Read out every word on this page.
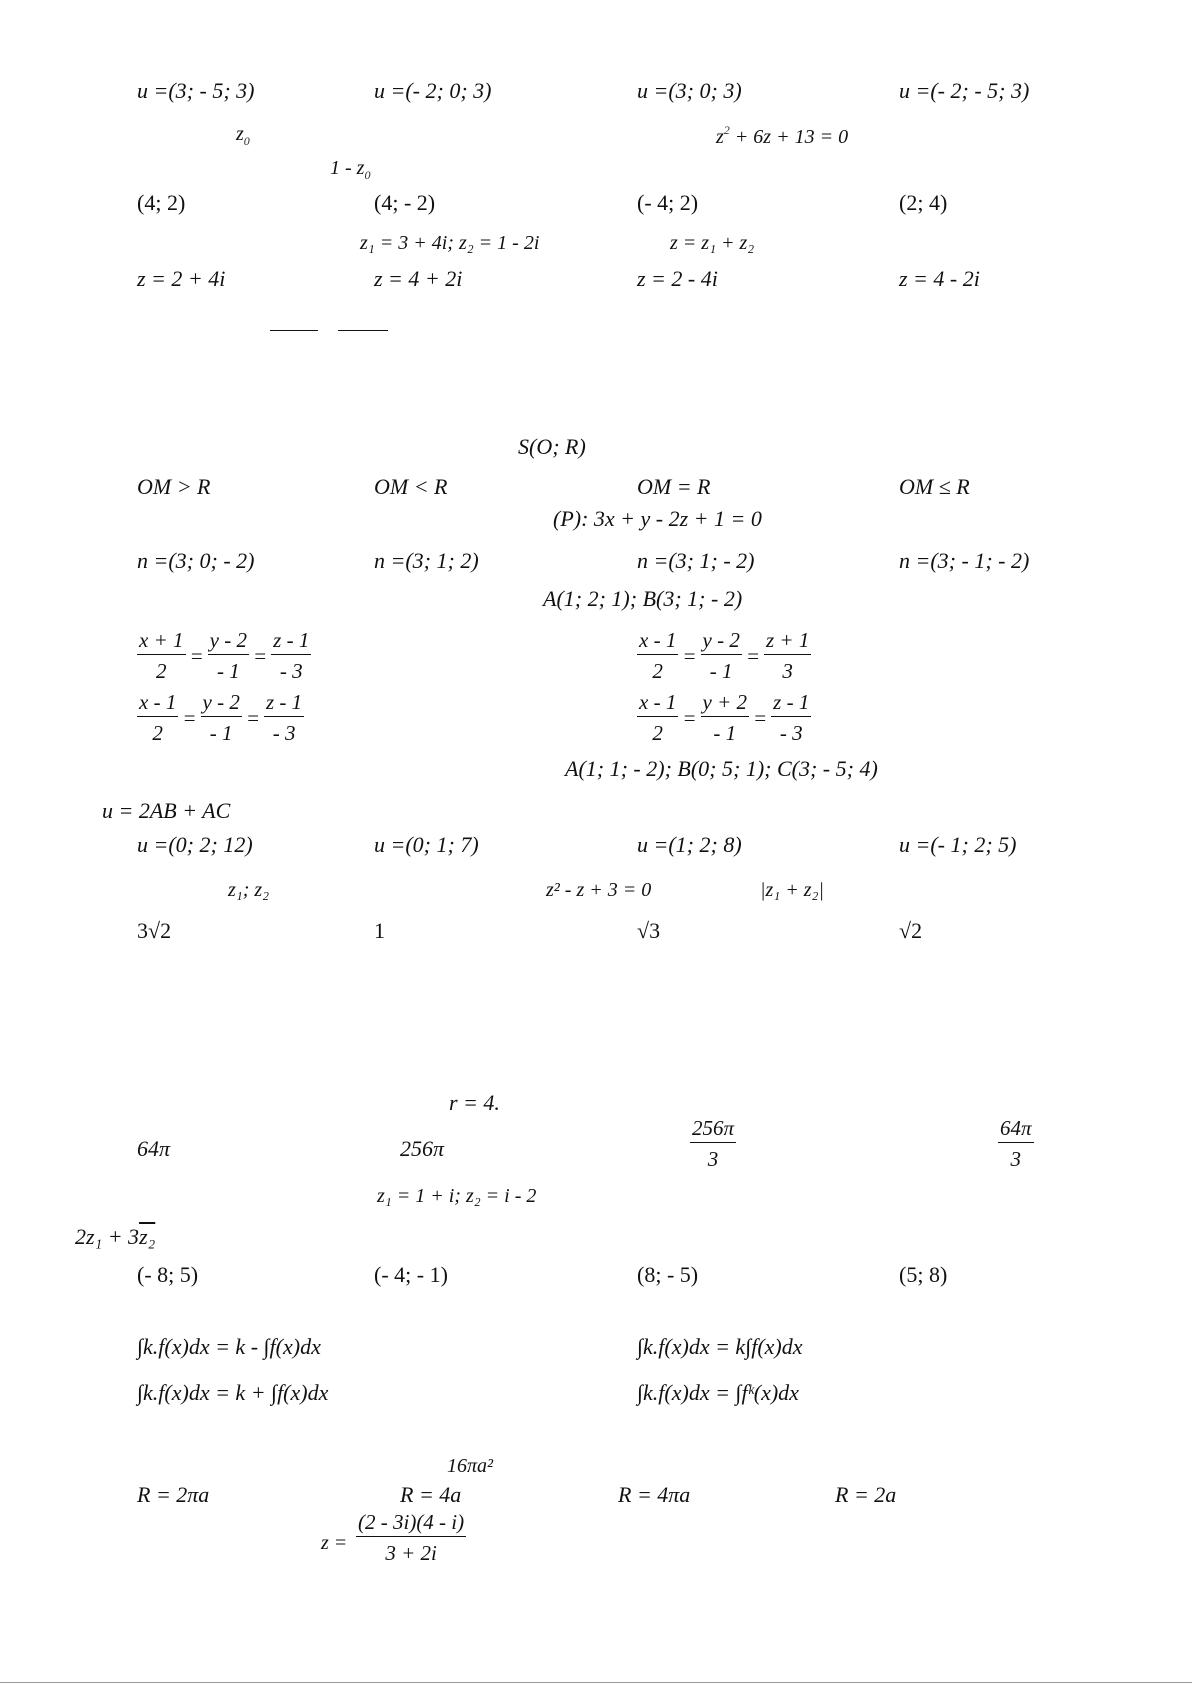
u =(3; - 5; 3)	u =(- 2; 0; 3)	u =(3; 0; 3)	u =(- 2; - 5; 3)
$z_0$	$z^2 + 6z + 13 = 0$
$1 - z_0$
(4; 2)	(4; - 2)	(- 4; 2)	(2; 4)
z₁ = 3 + 4i; z₂ = 1 - 2i	z = z₁ + z₂
z = 2 + 4i	z = 4 + 2i	z = 2 - 4i	z = 4 - 2i
S(O; R)
OM > R	OM < R	OM = R	OM ≤ R
(P): 3x + y - 2z + 1 = 0
n =(3; 0; - 2)	n =(3; 1; 2)	n =(3; 1; - 2)	n =(3; - 1; - 2)
A(1; 2; 1); B(3; 1; - 2)
$\frac{x + 1}{2} = \frac{y - 2}{- 1} = \frac{z - 1}{- 3}$	$\frac{x - 1}{2} = \frac{y - 2}{- 1} = \frac{z + 1}{3}$
$\frac{x - 1}{2} = \frac{y - 2}{- 1} = \frac{z - 1}{- 3}$	$\frac{x - 1}{2} = \frac{y + 2}{- 1} = \frac{z - 1}{- 3}$
A(1; 1; - 2); B(0; 5; 1); C(3; - 5; 4)
u = 2AB + AC
u =(0; 2; 12)	u =(0; 1; 7)	u =(1; 2; 8)	u =(- 1; 2; 5)
z₁; z₂	z² - z + 3 = 0	|z₁ + z₂|
3√2	1	√3	√2
r = 4.
64π	256π	$\frac{256\pi}{3}$	$\frac{64\pi}{3}$
z₁ = 1 + i; z₂ = i - 2
2z₁ + 3z₂
(- 8; 5)	(- 4; - 1)	(8; - 5)	(5; 8)
∫k.f(x)dx = k - ∫f(x)dx	∫k.f(x)dx = k∫f(x)dx
∫k.f(x)dx = k + ∫f(x)dx	∫k.f(x)dx = ∫fᵏ(x)dx
16πa²
R = 2πa	R = 4a	R = 4πa	R = 2a
$z = \frac{(2 - 3i)(4 - i)}{3 + 2i}$
